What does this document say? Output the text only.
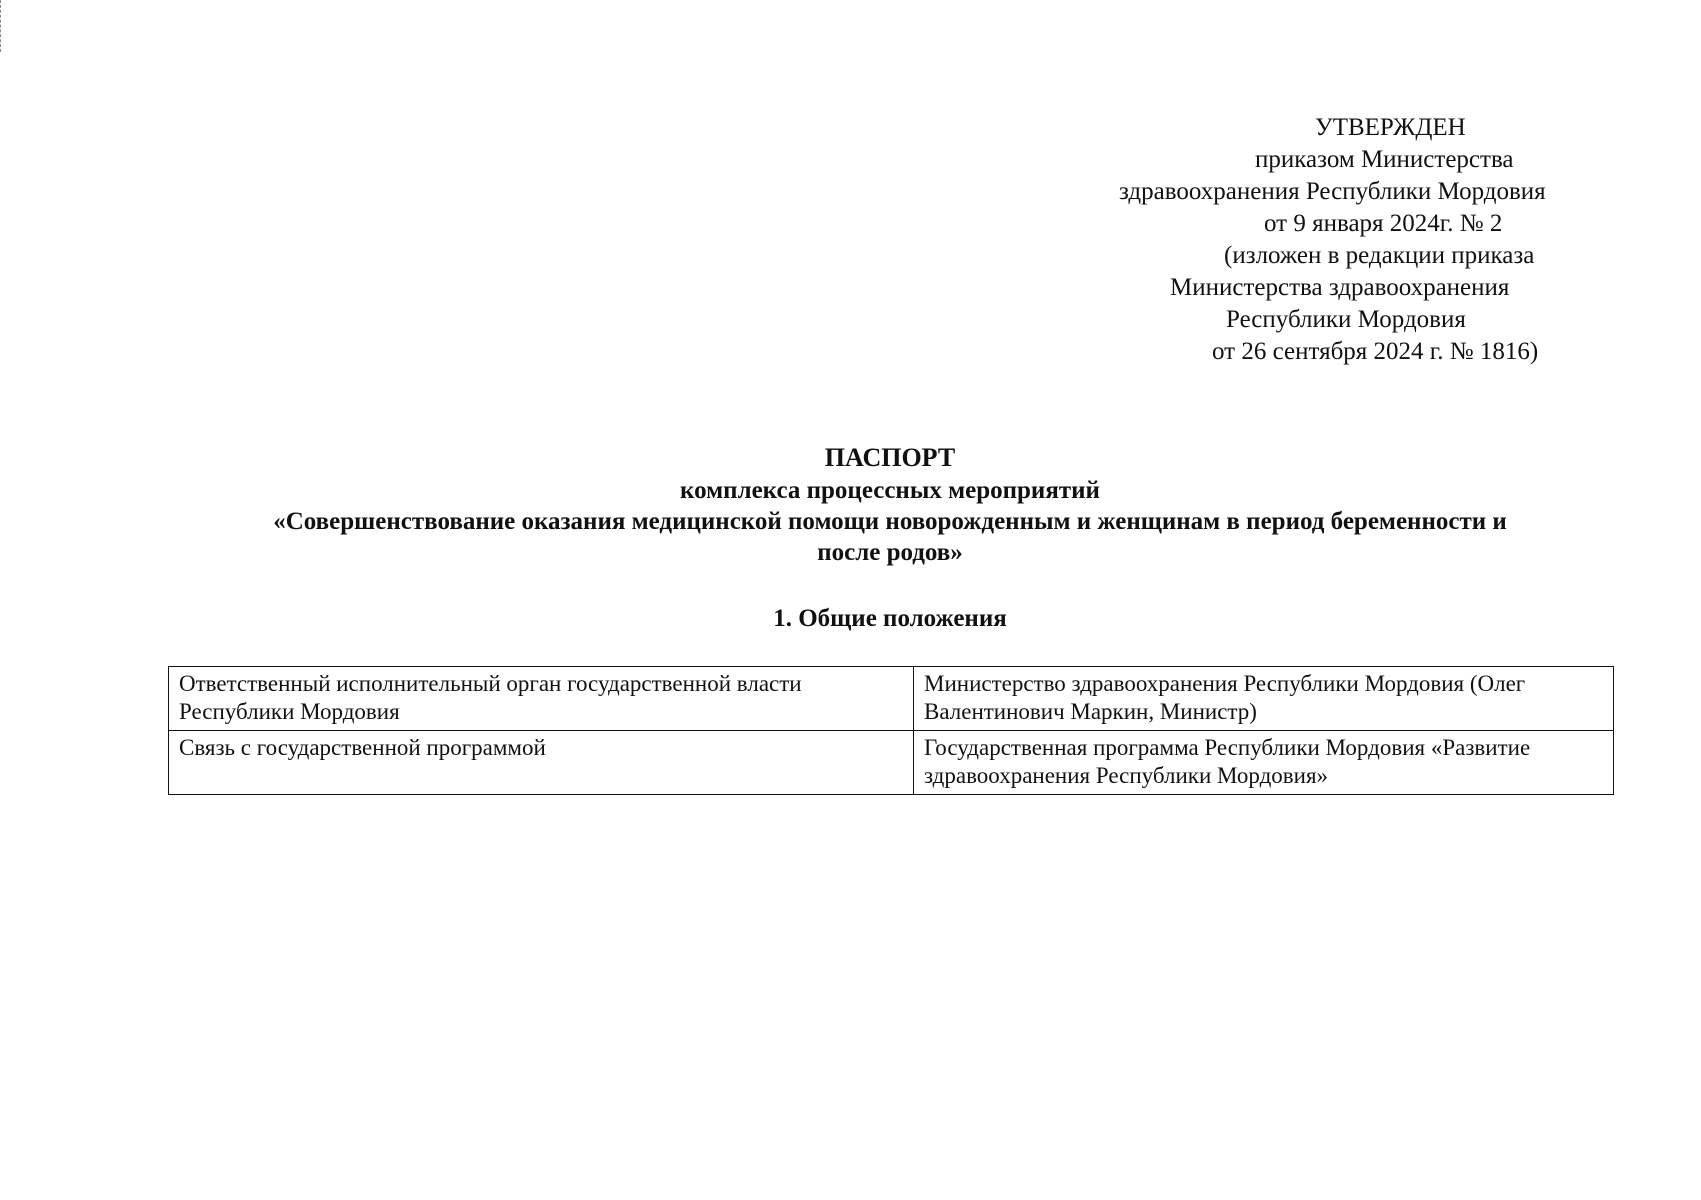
УТВЕРЖДЕН
приказом Министерства
здравоохранения Республики Мордовия
от 9 января 2024г. № 2
(изложен в редакции приказа
Министерства здравоохранения
Республики Мордовия
от 26 сентября 2024 г. № 1816)
ПАСПОРТ
комплекса процессных мероприятий
«Совершенствование оказания медицинской помощи новорожденным и женщинам в период беременности и
после родов»
1. Общие положения
Ответственный исполнительный орган государственной власти Республики Мордовия	Министерство здравоохранения Республики Мордовия (Олег Валентинович Маркин, Министр)
Связь с государственной программой	Государственная программа Республики Мордовия «Развитие здравоохранения Республики Мордовия»
